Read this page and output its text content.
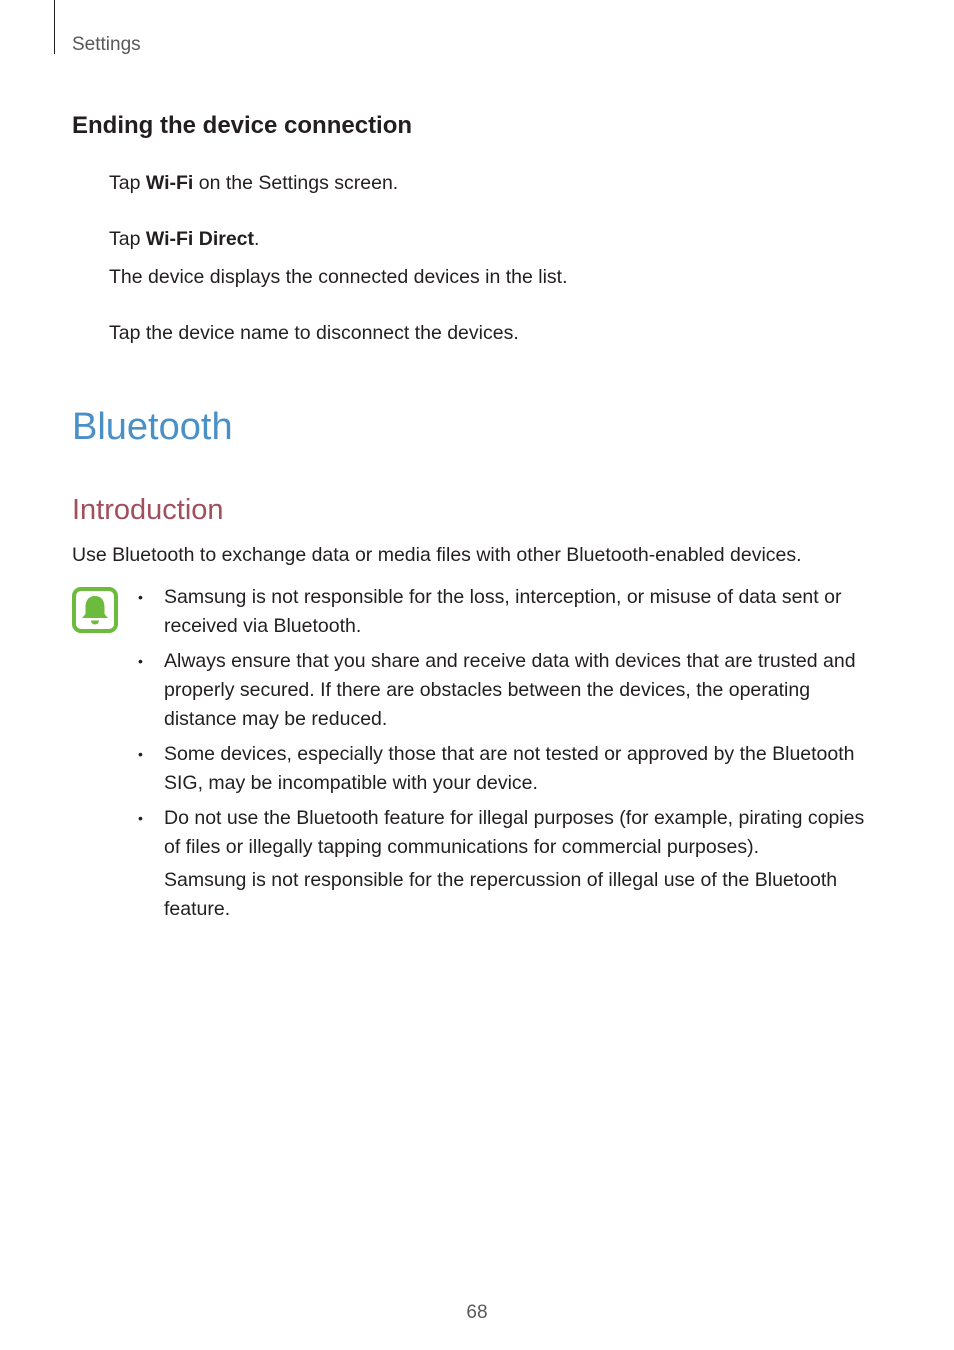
Settings
Ending the device connection
Tap Wi-Fi on the Settings screen.
Tap Wi-Fi Direct.
The device displays the connected devices in the list.
Tap the device name to disconnect the devices.
Bluetooth
Introduction
Use Bluetooth to exchange data or media files with other Bluetooth-enabled devices.
• Samsung is not responsible for the loss, interception, or misuse of data sent or received via Bluetooth.
• Always ensure that you share and receive data with devices that are trusted and properly secured. If there are obstacles between the devices, the operating distance may be reduced.
• Some devices, especially those that are not tested or approved by the Bluetooth SIG, may be incompatible with your device.
• Do not use the Bluetooth feature for illegal purposes (for example, pirating copies of files or illegally tapping communications for commercial purposes).
Samsung is not responsible for the repercussion of illegal use of the Bluetooth feature.
68
